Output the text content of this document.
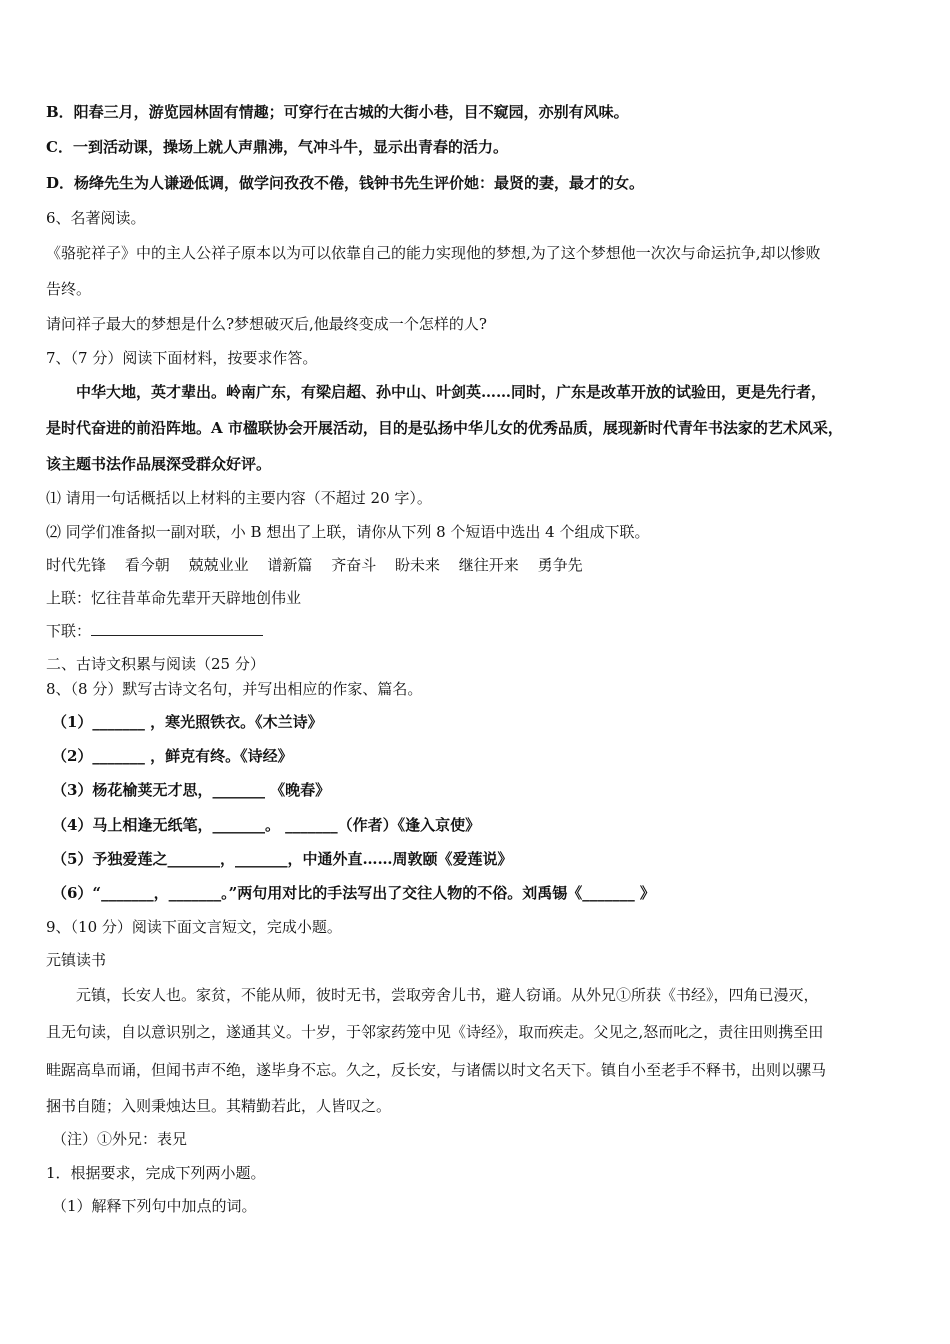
B．阳春三月，游览园林固有情趣；可穿行在古城的大街小巷，目不窥园，亦别有风味。
C．一到活动课，操场上就人声鼎沸，气冲斗牛，显示出青春的活力。
D．杨绛先生为人谦逊低调，做学问孜孜不倦，钱钟书先生评价她：最贤的妻，最才的女。
6、名著阅读。
《骆驼祥子》中的主人公祥子原本以为可以依靠自己的能力实现他的梦想,为了这个梦想他一次次与命运抗争,却以惨败
告终。
请问祥子最大的梦想是什么?梦想破灭后,他最终变成一个怎样的人?
7、（7 分）阅读下面材料，按要求作答。
中华大地，英才辈出。岭南广东，有梁启超、孙中山、叶剑英……同时，广东是改革开放的试验田，更是先行者，
是时代奋进的前沿阵地。A 市楹联协会开展活动，目的是弘扬中华儿女的优秀品质，展现新时代青年书法家的艺术风采，
该主题书法作品展深受群众好评。
⑴ 请用一句话概括以上材料的主要内容（不超过 20 字）。
⑵ 同学们准备拟一副对联，小 B 想出了上联，请你从下列 8 个短语中选出 4 个组成下联。
时代先锋 看今朝 兢兢业业 谱新篇 齐奋斗 盼未来 继往开来 勇争先
上联：忆往昔革命先辈开天辟地创伟业
下联：
二、古诗文积累与阅读（25 分）
8、（8 分）默写古诗文名句，并写出相应的作家、篇名。
（1）_______ ，寒光照铁衣。《木兰诗》
（2）_______ ，鲜克有终。《诗经》
（3）杨花榆荚无才思，_______ 《晚春》
（4）马上相逢无纸笔，_______。 _______（作者）《逢入京使》
（5）予独爱莲之_______，_______，中通外直……周敦颐《爱莲说》
（6）“_______，_______。”两句用对比的手法写出了交往人物的不俗。刘禹锡《_______ 》
9、（10 分）阅读下面文言短文，完成小题。
元镇读书
元镇，长安人也。家贫，不能从师，彼时无书，尝取旁舍儿书，避人窃诵。从外兄①所获《书经》，四角已漫灭，
且无句读，自以意识别之，遂通其义。十岁，于邻家药笼中见《诗经》，取而疾走。父见之,怒而叱之，责往田则携至田
畦踞高阜而诵，但闻书声不绝，遂毕身不忘。久之，反长安，与诸儒以时文名天下。镇自小至老手不释书，出则以骡马
捆书自随；入则秉烛达旦。其精勤若此，人皆叹之。
（注）①外兄：表兄
1．根据要求，完成下列两小题。
（1）解释下列句中加点的词。
